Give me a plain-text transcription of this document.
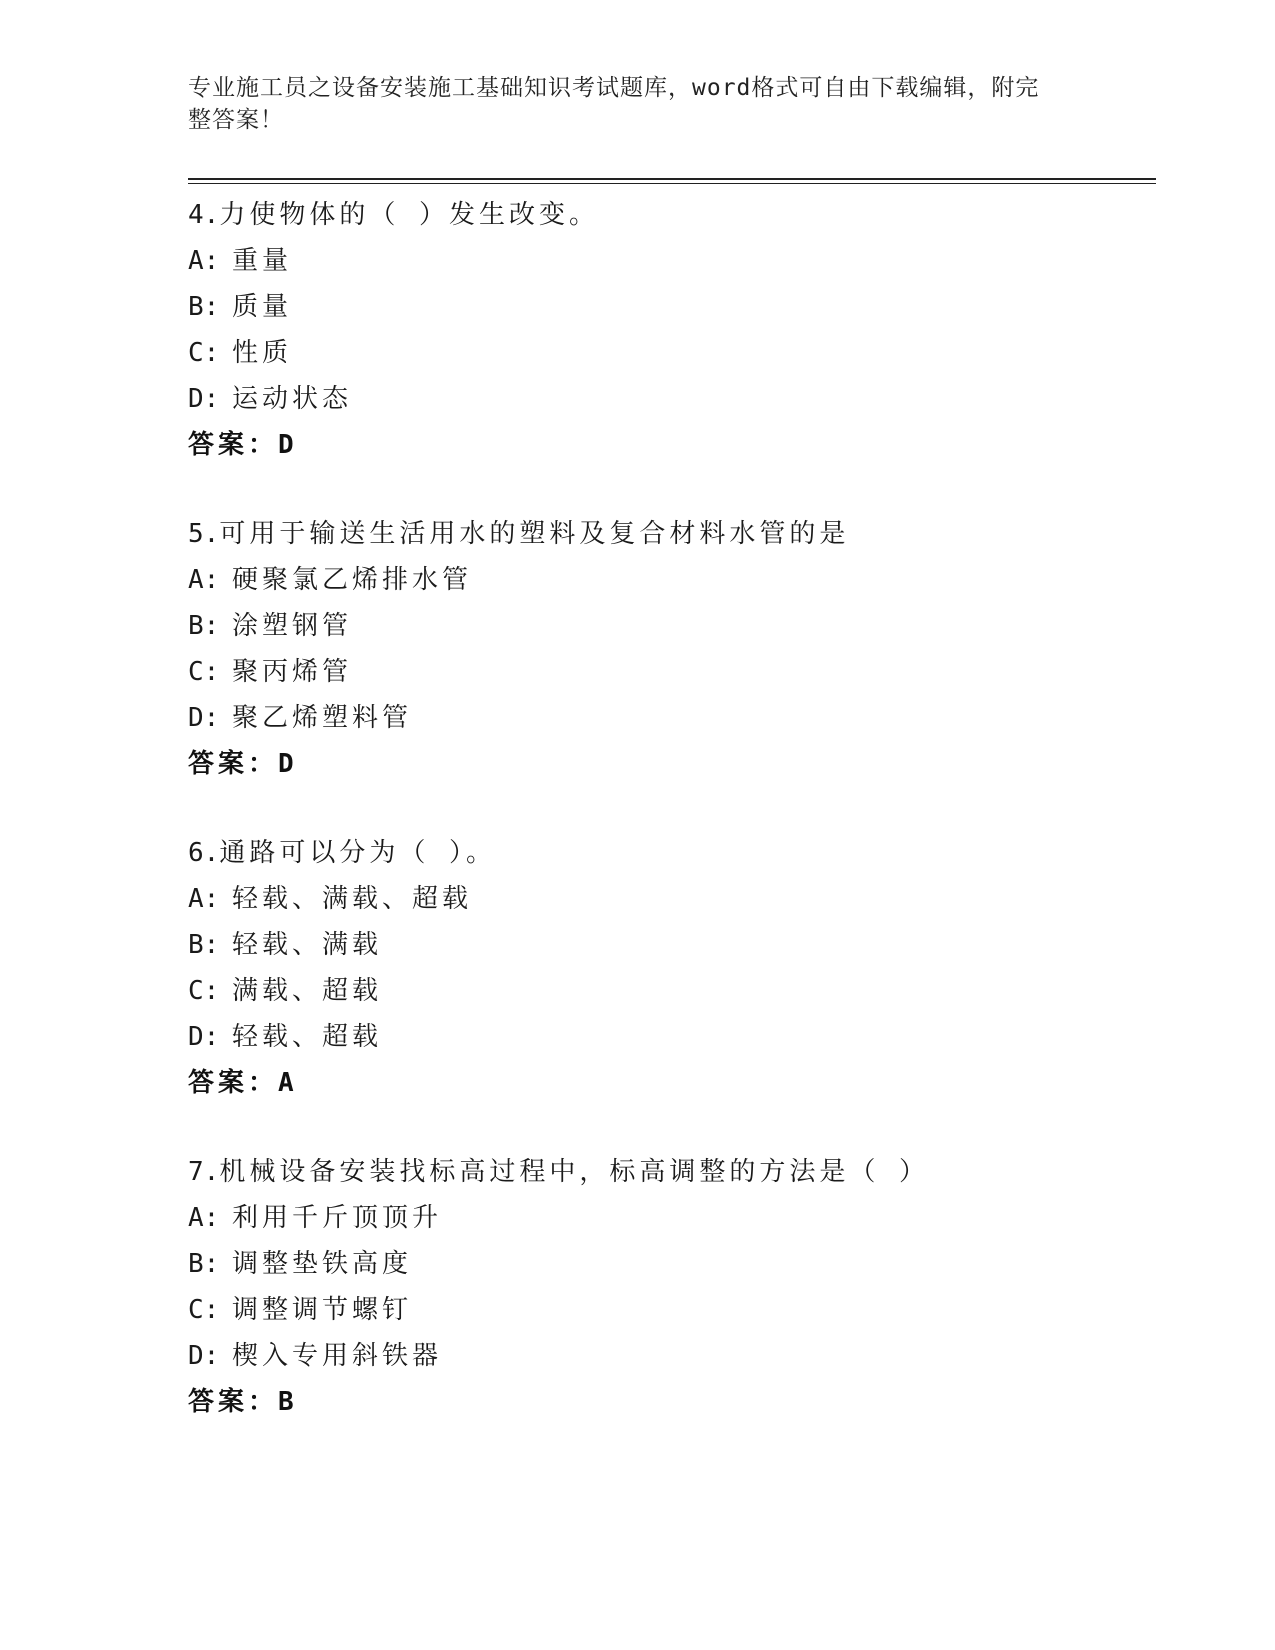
专业施工员之设备安装施工基础知识考试题库，word格式可自由下载编辑，附完
整答案！
4.力使物体的（ ）发生改变。
A: 重量
B: 质量
C: 性质
D: 运动状态
答案：D
5.可用于输送生活用水的塑料及复合材料水管的是
A: 硬聚氯乙烯排水管
B: 涂塑钢管
C: 聚丙烯管
D: 聚乙烯塑料管
答案：D
6.通路可以分为（ ）。
A: 轻载、满载、超载
B: 轻载、满载
C: 满载、超载
D: 轻载、超载
答案：A
7.机械设备安装找标高过程中，标高调整的方法是（ ）
A: 利用千斤顶顶升
B: 调整垫铁高度
C: 调整调节螺钉
D: 楔入专用斜铁器
答案：B
